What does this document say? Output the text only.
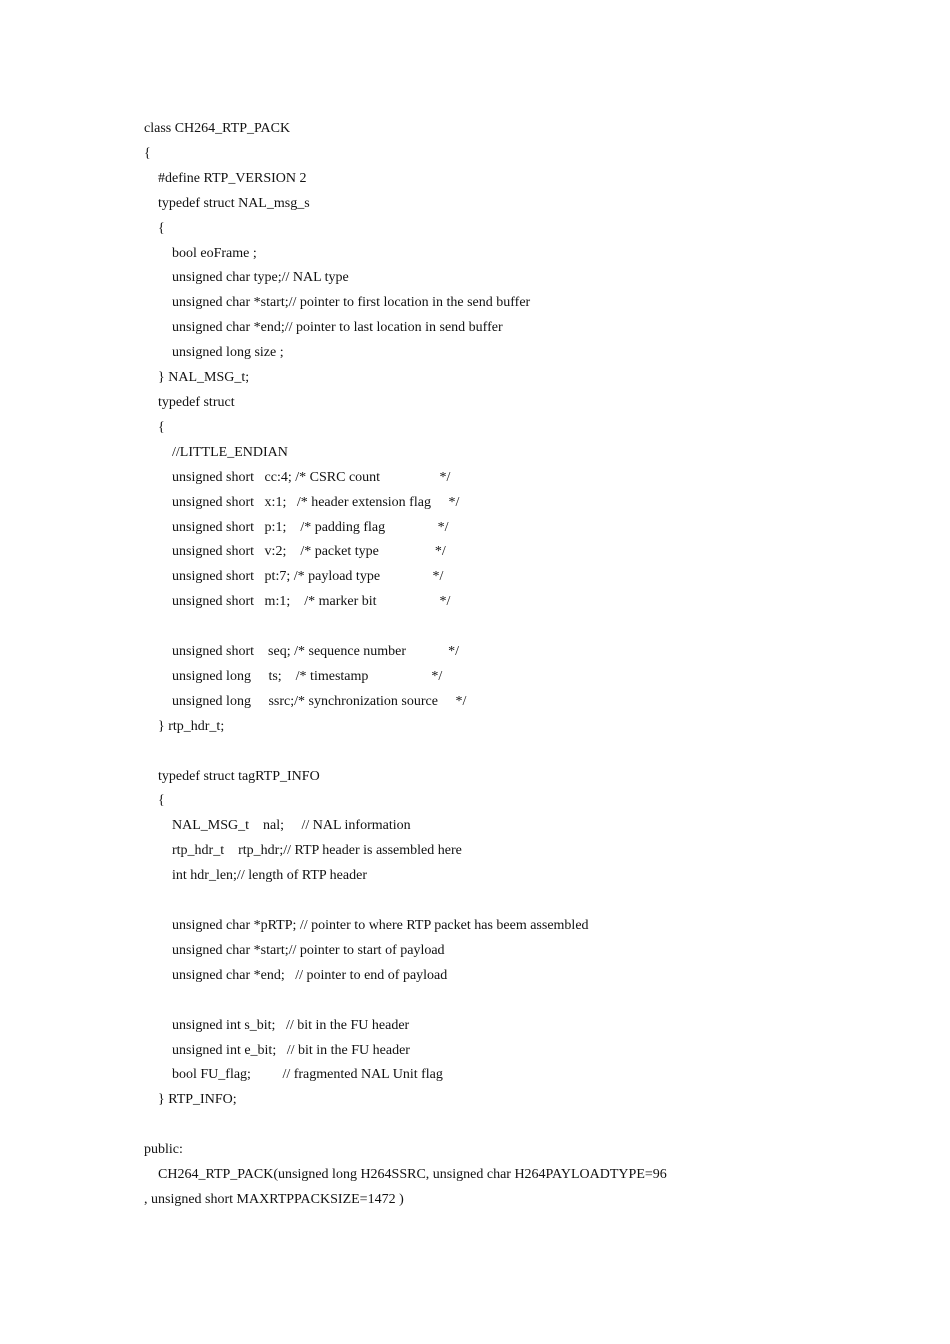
class CH264_RTP_PACK
{
#define RTP_VERSION 2
typedef struct NAL_msg_s
{
bool eoFrame ;
unsigned char type;// NAL type
unsigned char *start;// pointer to first location in the send buffer
unsigned char *end;// pointer to last location in send buffer
unsigned long size ;
} NAL_MSG_t;
typedef struct
{
//LITTLE_ENDIAN
unsigned short   cc:4; /* CSRC count                 */
unsigned short   x:1;   /* header extension flag     */
unsigned short   p:1;    /* padding flag               */
unsigned short   v:2;    /* packet type                */
unsigned short   pt:7; /* payload type               */
unsigned short   m:1;    /* marker bit                  */
unsigned short    seq; /* sequence number            */
unsigned long     ts;    /* timestamp                  */
unsigned long     ssrc;/* synchronization source     */
} rtp_hdr_t;
typedef struct tagRTP_INFO
{
NAL_MSG_t    nal;     // NAL information
rtp_hdr_t    rtp_hdr;// RTP header is assembled here
int hdr_len;// length of RTP header
unsigned char *pRTP; // pointer to where RTP packet has beem assembled
unsigned char *start;// pointer to start of payload
unsigned char *end;   // pointer to end of payload
unsigned int s_bit;   // bit in the FU header
unsigned int e_bit;   // bit in the FU header
bool FU_flag;         // fragmented NAL Unit flag
} RTP_INFO;
public:
CH264_RTP_PACK(unsigned long H264SSRC, unsigned char H264PAYLOADTYPE=96
, unsigned short MAXRTPPACKSIZE=1472 )
